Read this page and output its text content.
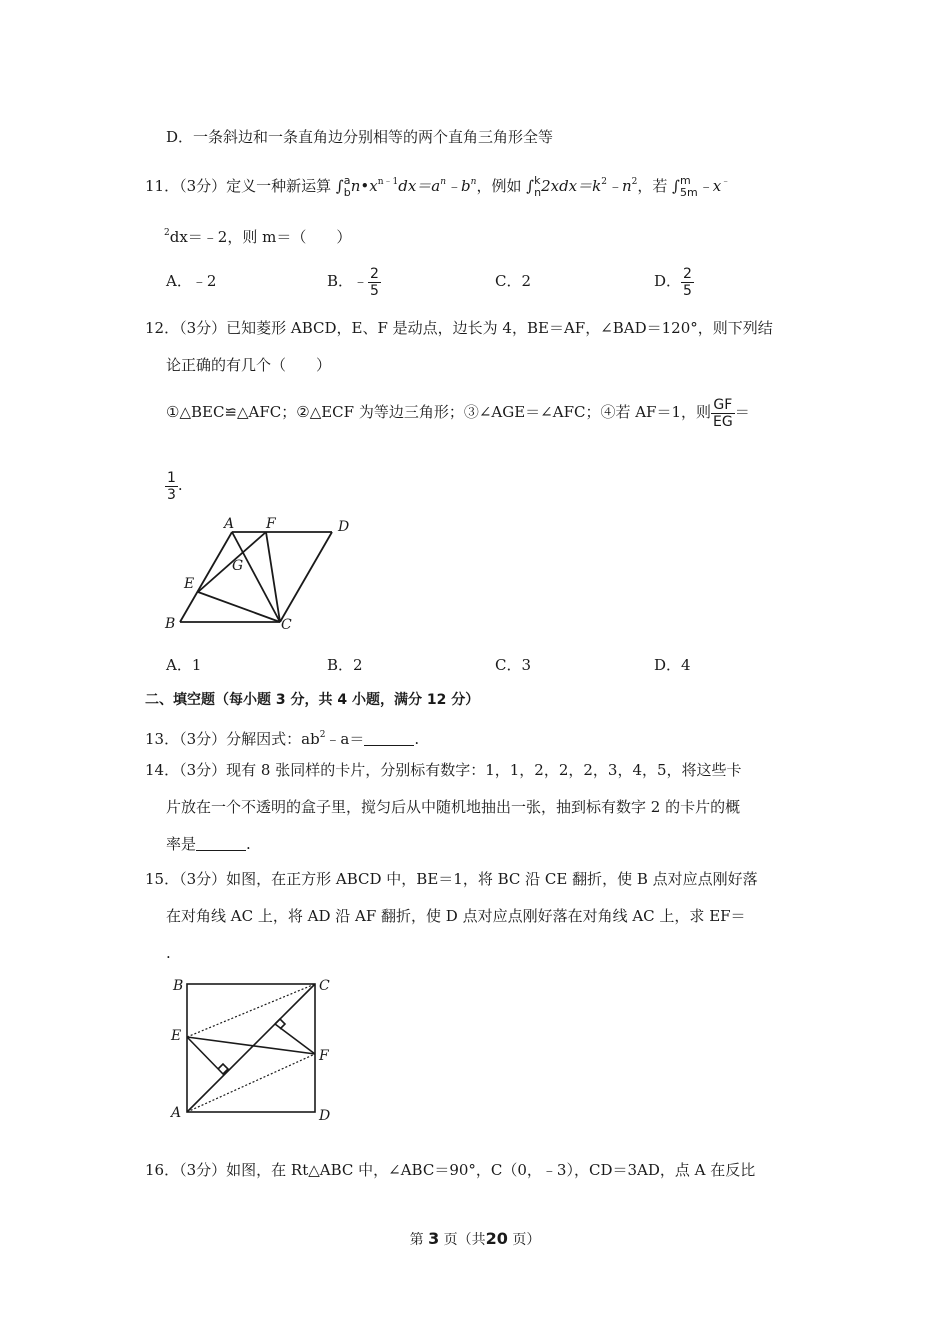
D．一条斜边和一条直角边分别相等的两个直角三角形全等
11．（3分）定义一种新运算 ∫ a
b $n•x^{n﹣1}dx=a^n﹣b^n$，例如 ∫ k
n $2xdx=k^2﹣n^2$，若 ∫ m
5m ﹣x﹣
$^2$dx＝﹣2，则 m＝（　　）
A．﹣2	B．﹣ $\frac{2}{5}$	C．2	D． $\frac{2}{5}$
12．（3分）已知菱形 ABCD，E、F 是动点，边长为 4，BE＝AF，∠BAD＝120°，则下列结
论正确的有几个（　　）
①△BEC≌△AFC；②△ECF 为等边三角形；③∠AGE＝∠AFC；④若 AF＝1，则 $\frac{GF}{EG}$ ＝
$\frac{1}{3}$ .
A F	D
G
E
B	C
A．1	B．2	C．3	D．4
二、填空题（每小题 3 分，共 4 小题，满分 12 分）
13．（3分）分解因式：$ab^2﹣a=$	.
14．（3分）现有 8 张同样的卡片，分别标有数字：1，1，2，2，2，3，4，5，将这些卡
片放在一个不透明的盒子里，搅匀后从中随机地抽出一张，抽到标有数字 2 的卡片的概
率是	.
15．（3分）如图，在正方形 ABCD 中，BE＝1，将 BC 沿 CE 翻折，使 B 点对应点刚好落
在对角线 AC 上，将 AD 沿 AF 翻折，使 D 点对应点刚好落在对角线 AC 上，求 EF＝
.
B	C
E
F
A	D
16．（3分）如图，在 Rt△ABC 中，∠ABC＝90°，C（0，﹣3），CD＝3AD，点 A 在反比
第 3 页（共20 页）
